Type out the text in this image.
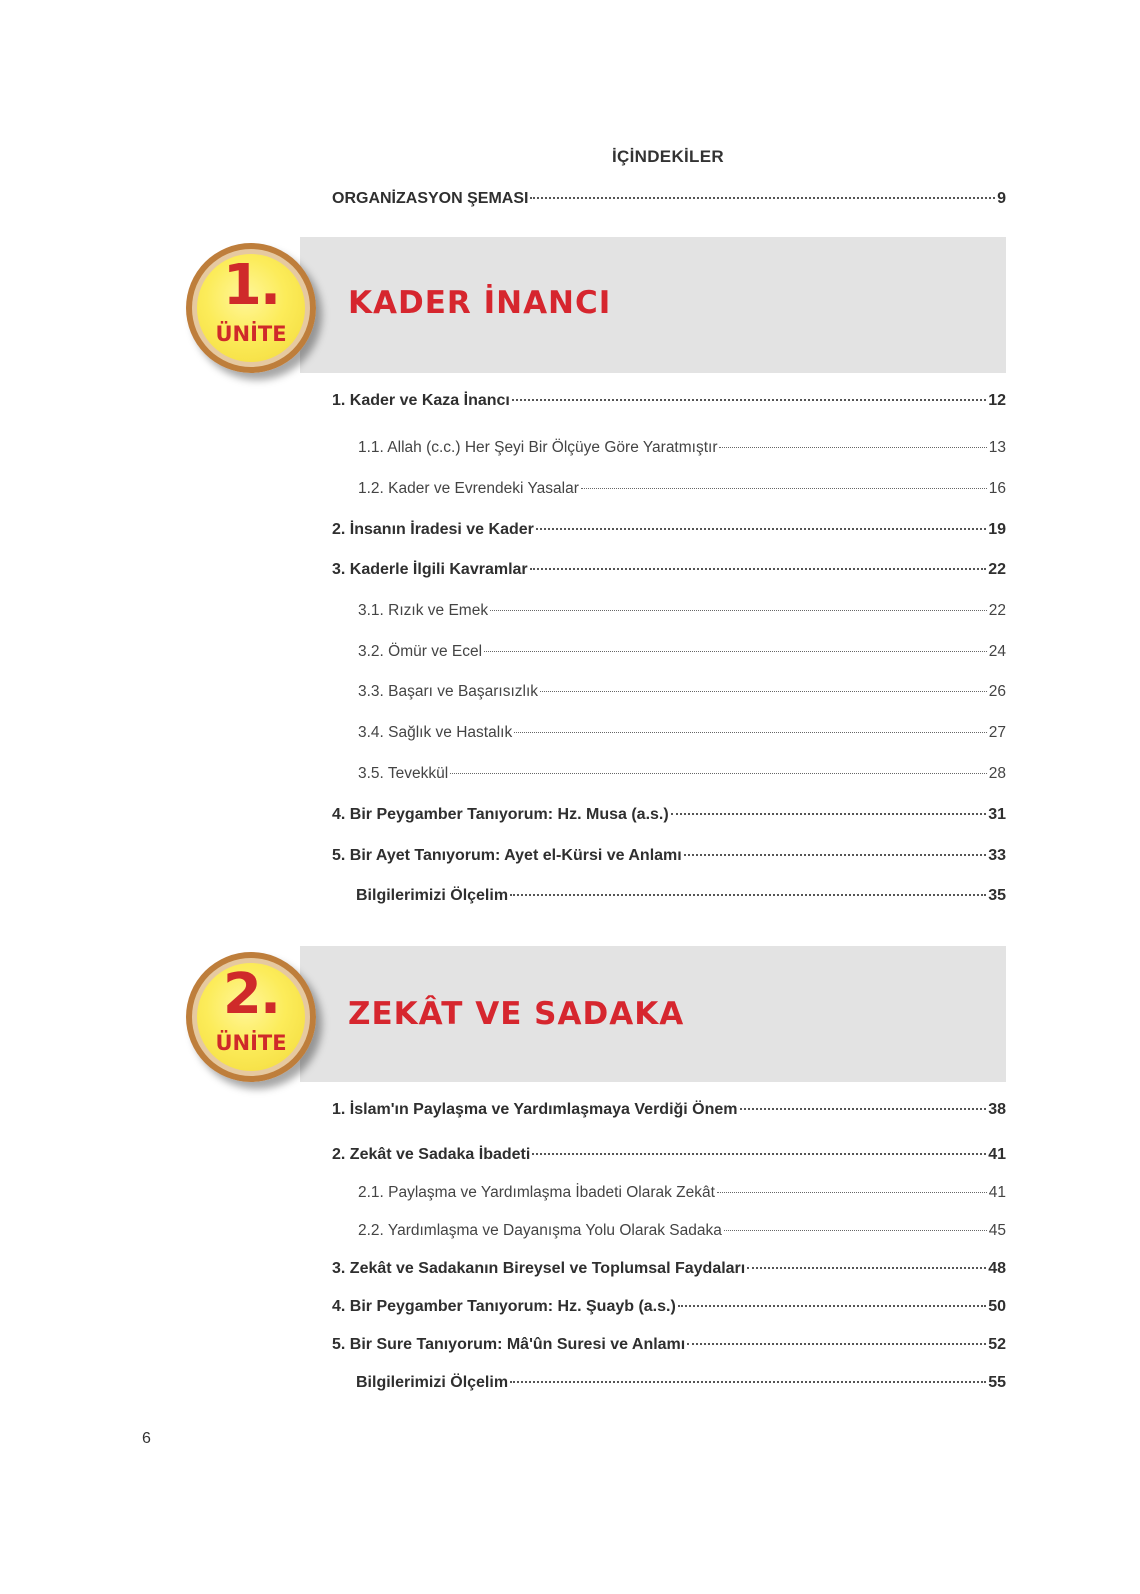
İÇİNDEKİLER
ORGANİZASYON ŞEMASI	9
1.
ÜNİTE
KADER İNANCI
1. Kader ve Kaza İnancı	12
1.1. Allah (c.c.) Her Şeyi Bir Ölçüye Göre Yaratmıştır	13
1.2. Kader ve Evrendeki Yasalar	16
2. İnsanın İradesi ve Kader	19
3. Kaderle İlgili Kavramlar	22
3.1. Rızık ve Emek	22
3.2. Ömür ve Ecel	24
3.3. Başarı ve Başarısızlık	26
3.4. Sağlık ve Hastalık	27
3.5. Tevekkül	28
4. Bir Peygamber Tanıyorum: Hz. Musa (a.s.)	31
5. Bir Ayet Tanıyorum: Ayet el-Kürsi ve Anlamı	33
Bilgilerimizi Ölçelim	35
2.
ÜNİTE
ZEKÂT VE SADAKA
1. İslam'ın Paylaşma ve Yardımlaşmaya Verdiği Önem	38
2. Zekât ve Sadaka İbadeti	41
2.1. Paylaşma ve Yardımlaşma İbadeti Olarak Zekât	41
2.2. Yardımlaşma ve Dayanışma Yolu Olarak Sadaka	45
3. Zekât ve Sadakanın Bireysel ve Toplumsal Faydaları	48
4. Bir Peygamber Tanıyorum: Hz. Şuayb (a.s.)	50
5. Bir Sure Tanıyorum: Mâ'ûn Suresi ve Anlamı	52
Bilgilerimizi Ölçelim	55
6
